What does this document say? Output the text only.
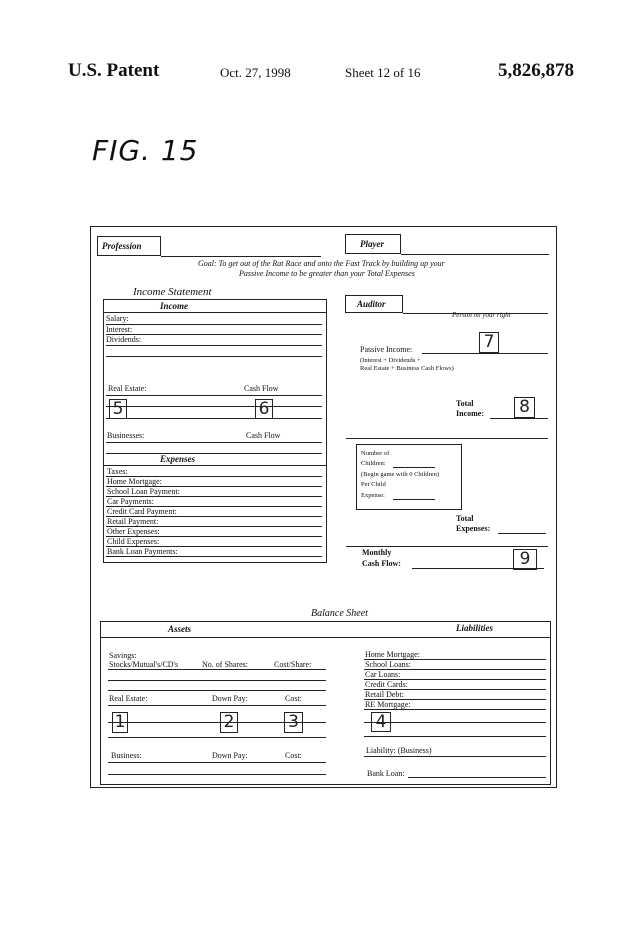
U.S. Patent	Oct. 27, 1998	Sheet 12 of 16	5,826,878
FIG. 15
Profession	Player
Goal: To get out of the Rat Race and onto the Fast Track by building up your
Passive Income to be greater than your Total Expenses
Income Statement
Income
Salary:
Interest:
Dividends:
Real Estate:	Cash Flow
5	6
Businesses:	Cash Flow
Expenses
Taxes:
Home Mortgage:
School Loan Payment:
Car Payments:
Credit Card Payment:
Retail Payment:
Other Expenses:
Child Expenses:
Bank Loan Payments:
Auditor
Person on your right
Passive Income:	7
(Interest + Dividends +
Real Estate + Business Cash Flows)
Total
Income: 8
Number of
Children:
(Begin game with 0 Children)
Per Child
Expense:
Total
Expenses:
Monthly
Cash Flow:	9
Balance Sheet
Assets	Liabilities
Savings:
Stocks/Mutual's/CD's	No. of Shares:	Cost/Share:
Real Estate:	Down Pay:	Cost:
1	2	3
Business:	Down Pay:	Cost:
Home Mortgage:
School Loans:
Car Loans:
Credit Cards:
Retail Debt:
RE Mortgage:
4
Liability: (Business)
Bank Loan:
